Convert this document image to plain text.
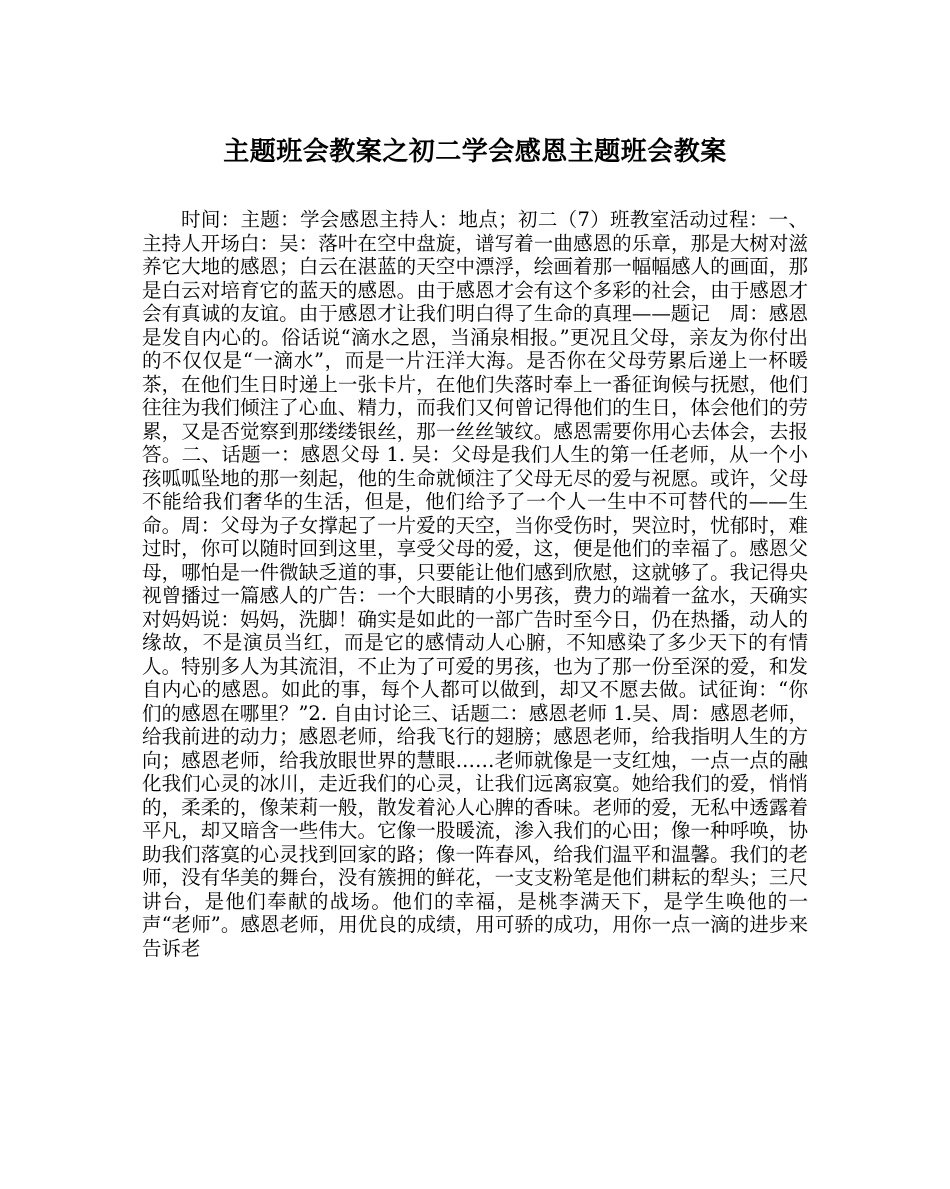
主题班会教案之初二学会感恩主题班会教案

时间：主题：学会感恩主持人：地点；初二（7）班教室活动过程：一、主持人开场白：吴：落叶在空中盘旋，谱写着一曲感恩的乐章，那是大树对滋养它大地的感恩；白云在湛蓝的天空中漂浮，绘画着那一幅幅感人的画面，那是白云对培育它的蓝天的感恩。由于感恩才会有这个多彩的社会，由于感恩才会有真诚的友谊。由于感恩才让我们明白得了生命的真理——题记　周：感恩是发自内心的。俗话说“滴水之恩，当涌泉相报。”更况且父母，亲友为你付出的不仅仅是“一滴水”，而是一片汪洋大海。是否你在父母劳累后递上一杯暖茶，在他们生日时递上一张卡片，在他们失落时奉上一番征询候与抚慰，他们往往为我们倾注了心血、精力，而我们又何曾记得他们的生日，体会他们的劳累，又是否觉察到那缕缕银丝，那一丝丝皱纹。感恩需要你用心去体会，去报答。二、话题一：感恩父母 1. 吴：父母是我们人生的第一任老师，从一个小孩呱呱坠地的那一刻起，他的生命就倾注了父母无尽的爱与祝愿。或许，父母不能给我们奢华的生活，但是，他们给予了一个人一生中不可替代的——生命。周：父母为子女撑起了一片爱的天空，当你受伤时，哭泣时，忧郁时，难过时，你可以随时回到这里，享受父母的爱，这，便是他们的幸福了。感恩父母，哪怕是一件微缺乏道的事，只要能让他们感到欣慰，这就够了。我记得央视曾播过一篇感人的广告：一个大眼睛的小男孩，费力的端着一盆水，天确实对妈妈说：妈妈，洗脚！确实是如此的一部广告时至今日，仍在热播，动人的缘故，不是演员当红，而是它的感情动人心腑，不知感染了多少天下的有情人。特别多人为其流泪，不止为了可爱的男孩，也为了那一份至深的爱，和发自内心的感恩。如此的事，每个人都可以做到，却又不愿去做。试征询：“你们的感恩在哪里？”2. 自由讨论三、话题二：感恩老师 1.吴、周：感恩老师，给我前进的动力；感恩老师，给我飞行的翅膀；感恩老师，给我指明人生的方向；感恩老师，给我放眼世界的慧眼……老师就像是一支红烛，一点一点的融化我们心灵的冰川，走近我们的心灵，让我们远离寂寞。她给我们的爱，悄悄的，柔柔的，像茉莉一般，散发着沁人心脾的香味。老师的爱，无私中透露着平凡，却又暗含一些伟大。它像一股暖流，渗入我们的心田；像一种呼唤，协助我们落寞的心灵找到回家的路；像一阵春风，给我们温平和温馨。我们的老师，没有华美的舞台，没有簇拥的鲜花，一支支粉笔是他们耕耘的犁头；三尺讲台，是他们奉献的战场。他们的幸福，是桃李满天下，是学生唤他的一声“老师”。感恩老师，用优良的成绩，用可骄的成功，用你一点一滴的进步来告诉老
